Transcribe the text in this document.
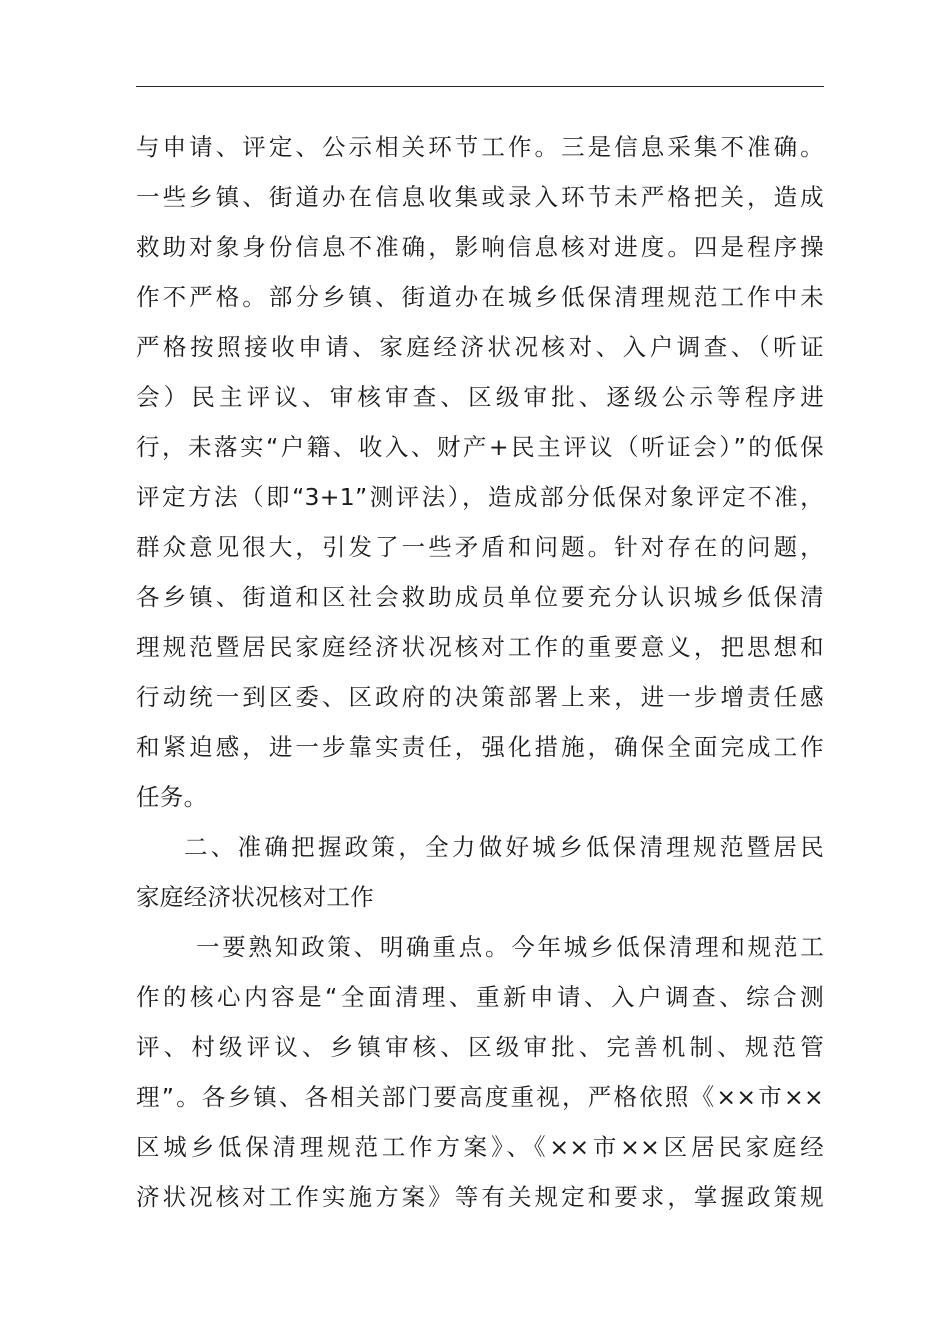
与申请、评定、公示相关环节工作。三是信息采集不准确。
一些乡镇、街道办在信息收集或录入环节未严格把关，造成
救助对象身份信息不准确，影响信息核对进度。四是程序操
作不严格。部分乡镇、街道办在城乡低保清理规范工作中未
严格按照接收申请、家庭经济状况核对、入户调查、（听证
会）民主评议、审核审查、区级审批、逐级公示等程序进
行，未落实“户籍、收入、财产+民主评议（听证会）”的低保
评定方法（即“3+1”测评法），造成部分低保对象评定不准，
群众意见很大，引发了一些矛盾和问题。针对存在的问题，
各乡镇、街道和区社会救助成员单位要充分认识城乡低保清
理规范暨居民家庭经济状况核对工作的重要意义，把思想和
行动统一到区委、区政府的决策部署上来，进一步增责任感
和紧迫感，进一步靠实责任，强化措施，确保全面完成工作
任务。
二、准确把握政策，全力做好城乡低保清理规范暨居民
家庭经济状况核对工作
一要熟知政策、明确重点。今年城乡低保清理和规范工
作的核心内容是“全面清理、重新申请、入户调查、综合测
评、村级评议、乡镇审核、区级审批、完善机制、规范管
理”。各乡镇、各相关部门要高度重视，严格依照《××市××
区城乡低保清理规范工作方案》、《××市××区居民家庭经
济状况核对工作实施方案》等有关规定和要求，掌握政策规
